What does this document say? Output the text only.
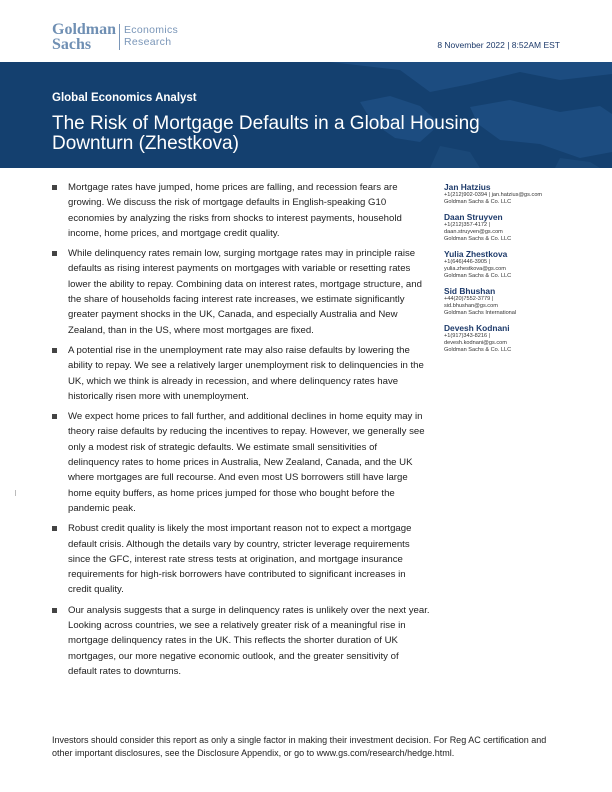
Goldman
Sachs
Economics
Research	8 November 2022 | 8:52AM EST
Global Economics Analyst
The Risk of Mortgage Defaults in a Global Housing Downturn (Zhestkova)
Mortgage rates have jumped, home prices are falling, and recession fears are growing. We discuss the risk of mortgage defaults in English-speaking G10 economies by analyzing the risks from shocks to interest payments, household income, home prices, and mortgage credit quality.
While delinquency rates remain low, surging mortgage rates may in principle raise defaults as rising interest payments on mortgages with variable or resetting rates lower the ability to repay. Combining data on interest rates, mortgage structure, and the share of households facing interest rate increases, we estimate significantly greater payment shocks in the UK, Canada, and especially Australia and New Zealand, than in the US, where most mortgages are fixed.
A potential rise in the unemployment rate may also raise defaults by lowering the ability to repay. We see a relatively larger unemployment risk to delinquencies in the UK, which we think is already in recession, and where delinquency rates have historically risen more with unemployment.
We expect home prices to fall further, and additional declines in home equity may in theory raise defaults by reducing the incentives to repay. However, we generally see only a modest risk of strategic defaults. We estimate small sensitivities of delinquency rates to home prices in Australia, New Zealand, Canada, and the UK where mortgages are full recourse. And even most US borrowers still have large home equity buffers, as home prices jumped for those who bought before the pandemic peak.
Robust credit quality is likely the most important reason not to expect a mortgage default crisis. Although the details vary by country, stricter leverage requirements since the GFC, interest rate stress tests at origination, and mortgage insurance requirements for high-risk borrowers have contributed to significant increases in credit quality.
Our analysis suggests that a surge in delinquency rates is unlikely over the next year. Looking across countries, we see a relatively greater risk of a meaningful rise in mortgage delinquency rates in the UK. This reflects the shorter duration of UK mortgages, our more negative economic outlook, and the greater sensitivity of default rates to downturns.
Jan Hatzius
+1(212)902-0394 | jan.hatzius@gs.com
Goldman Sachs & Co. LLC
Daan Struyven
+1(212)357-4172 |
daan.struyven@gs.com
Goldman Sachs & Co. LLC
Yulia Zhestkova
+1(646)446-3905 |
yulia.zhestkova@gs.com
Goldman Sachs & Co. LLC
Sid Bhushan
+44(20)7552-3779 |
sid.bhushan@gs.com
Goldman Sachs International
Devesh Kodnani
+1(917)343-8216 |
devesh.kodnani@gs.com
Goldman Sachs & Co. LLC
Investors should consider this report as only a single factor in making their investment decision. For Reg AC certification and other important disclosures, see the Disclosure Appendix, or go to www.gs.com/research/hedge.html.
